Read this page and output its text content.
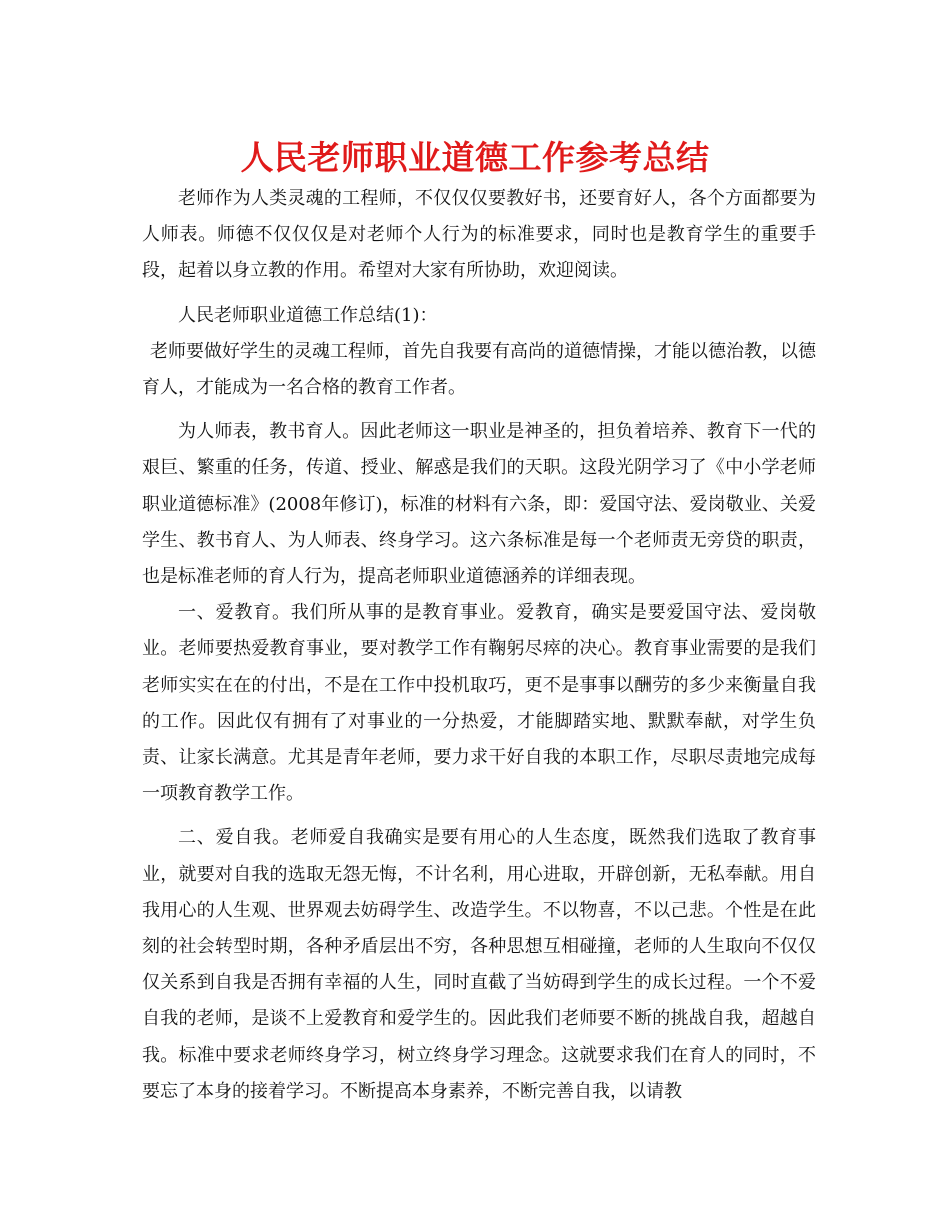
人民老师职业道德工作参考总结

老师作为人类灵魂的工程师，不仅仅仅要教好书，还要育好人，各个方面都要为人师表。师德不仅仅仅是对老师个人行为的标准要求，同时也是教育学生的重要手段，起着以身立教的作用。希望对大家有所协助，欢迎阅读。

人民老师职业道德工作总结(1)：

老师要做好学生的灵魂工程师，首先自我要有高尚的道德情操，才能以德治教，以德育人，才能成为一名合格的教育工作者。

为人师表，教书育人。因此老师这一职业是神圣的，担负着培养、教育下一代的艰巨、繁重的任务，传道、授业、解惑是我们的天职。这段光阴学习了《中小学老师职业道德标准》(2008年修订)，标准的材料有六条，即：爱国守法、爱岗敬业、关爱学生、教书育人、为人师表、终身学习。这六条标准是每一个老师责无旁贷的职责，也是标准老师的育人行为，提高老师职业道德涵养的详细表现。

一、爱教育。我们所从事的是教育事业。爱教育，确实是要爱国守法、爱岗敬业。老师要热爱教育事业，要对教学工作有鞠躬尽瘁的决心。教育事业需要的是我们老师实实在在的付出，不是在工作中投机取巧，更不是事事以酬劳的多少来衡量自我的工作。因此仅有拥有了对事业的一分热爱，才能脚踏实地、默默奉献，对学生负责、让家长满意。尤其是青年老师，要力求干好自我的本职工作，尽职尽责地完成每一项教育教学工作。

二、爱自我。老师爱自我确实是要有用心的人生态度，既然我们选取了教育事业，就要对自我的选取无怨无悔，不计名利，用心进取，开辟创新，无私奉献。用自我用心的人生观、世界观去妨碍学生、改造学生。不以物喜，不以己悲。个性是在此刻的社会转型时期，各种矛盾层出不穷，各种思想互相碰撞，老师的人生取向不仅仅仅关系到自我是否拥有幸福的人生，同时直截了当妨碍到学生的成长过程。一个不爱自我的老师，是谈不上爱教育和爱学生的。因此我们老师要不断的挑战自我，超越自我。标准中要求老师终身学习，树立终身学习理念。这就要求我们在育人的同时，不要忘了本身的接着学习。不断提高本身素养，不断完善自我，以请教
